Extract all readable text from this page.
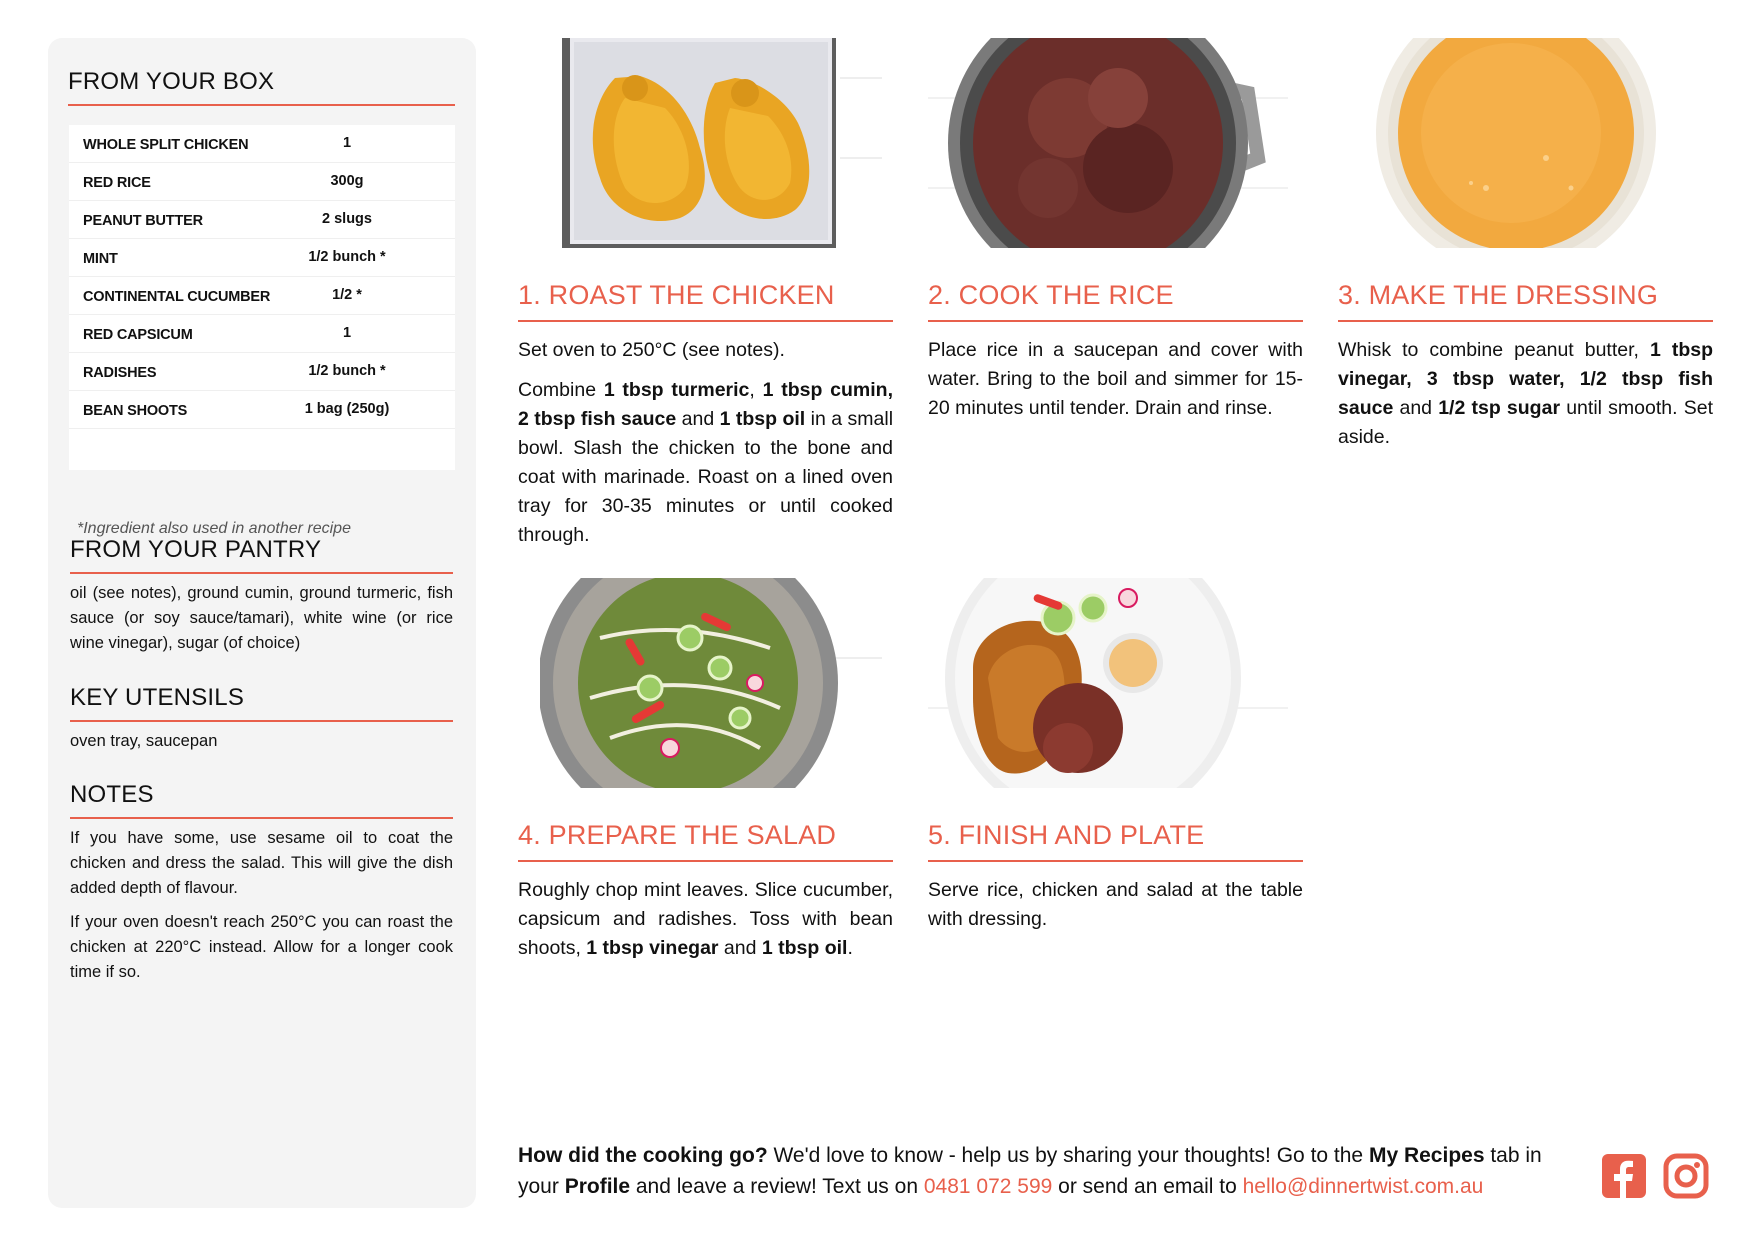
FROM YOUR BOX
WHOLE SPLIT CHICKEN	1
RED RICE	300g
PEANUT BUTTER	2 slugs
MINT	1/2 bunch *
CONTINENTAL CUCUMBER	1/2 *
RED CAPSICUM	1
RADISHES	1/2 bunch *
BEAN SHOOTS	1 bag (250g)
*Ingredient also used in another recipe
FROM YOUR PANTRY
oil (see notes), ground cumin, ground turmeric, fish sauce (or soy sauce/tamari), white wine (or rice wine vinegar), sugar (of choice)
KEY UTENSILS
oven tray, saucepan
NOTES
If you have some, use sesame oil to coat the chicken and dress the salad. This will give the dish added depth of flavour.
If your oven doesn't reach 250°C you can roast the chicken at 220°C instead. Allow for a longer cook time if so.
1. ROAST THE CHICKEN	2. COOK THE RICE	3. MAKE THE DRESSING
Set oven to 250°C (see notes).
Combine 1 tbsp turmeric, 1 tbsp cumin, 2 tbsp fish sauce and 1 tbsp oil in a small bowl. Slash the chicken to the bone and coat with marinade. Roast on a lined oven tray for 30-35 minutes or until cooked through.
Place rice in a saucepan and cover with water. Bring to the boil and simmer for 15-20 minutes until tender. Drain and rinse.
Whisk to combine peanut butter, 1 tbsp vinegar, 3 tbsp water, 1/2 tbsp fish sauce and 1/2 tsp sugar until smooth. Set aside.
4. PREPARE THE SALAD	5. FINISH AND PLATE
Roughly chop mint leaves. Slice cucumber, capsicum and radishes. Toss with bean shoots, 1 tbsp vinegar and 1 tbsp oil.
Serve rice, chicken and salad at the table with dressing.
How did the cooking go? We'd love to know - help us by sharing your thoughts! Go to the My Recipes tab in your Profile and leave a review! Text us on 0481 072 599 or send an email to hello@dinnertwist.com.au
